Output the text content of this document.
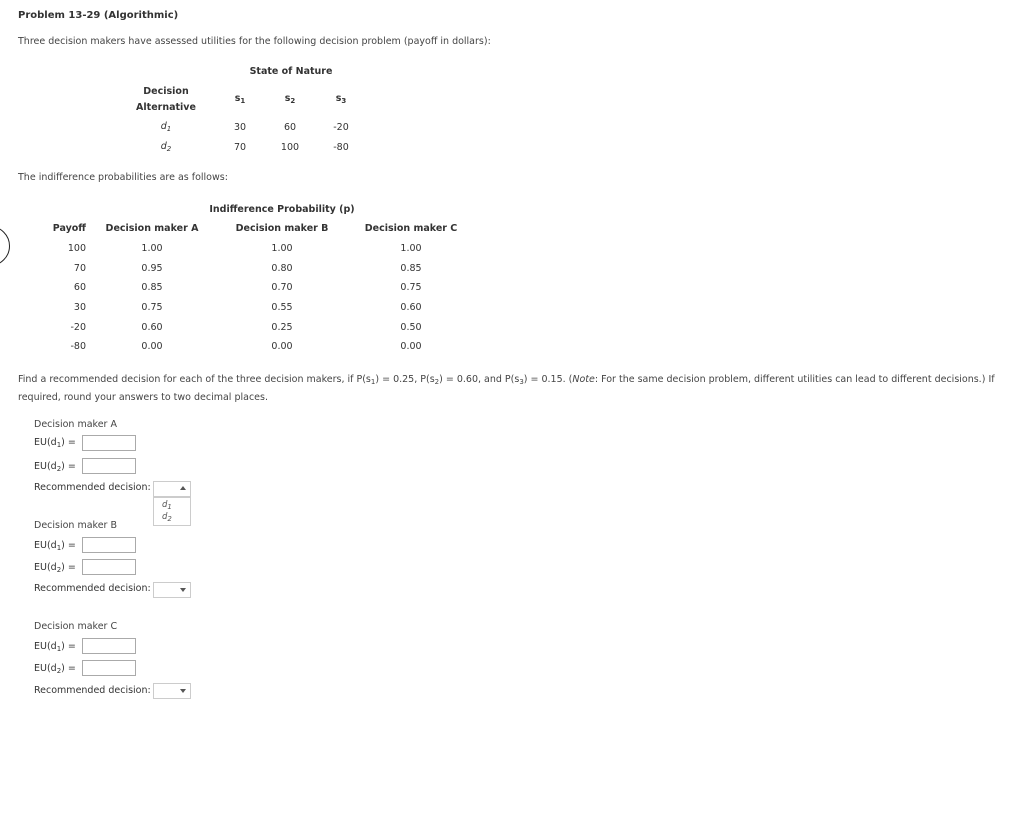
Problem 13-29 (Algorithmic)
Three decision makers have assessed utilities for the following decision problem (payoff in dollars):
State of Nature
Decision
Alternative
$s_1$	$s_2$	$s_3$
$d_1$	30	60	-20
$d_2$	70	100	-80
The indifference probabilities are as follows:
Indifference Probability (p)
Payoff Decision maker A	Decision maker B	Decision maker C
100	1.00	1.00	1.00
70	0.95	0.80	0.85
60	0.85	0.70	0.75
30	0.75	0.55	0.60
-20	0.60	0.25	0.50
-80	0.00	0.00	0.00
Find a recommended decision for each of the three decision makers, if $P(s_1) = 0.25$, $P(s_2) = 0.60$, and $P(s_3) = 0.15$. (Note: For the same decision problem, different utilities can lead to different decisions.) If required, round your answers to two decimal places.
Decision maker A
$EU(d_1)$ =
$EU(d_2)$ =
Recommended decision:
$d_1$
$d_2$
Decision maker B
$EU(d_1)$ =
$EU(d_2)$ =
Recommended decision:
Decision maker C
$EU(d_1)$ =
$EU(d_2)$ =
Recommended decision:
